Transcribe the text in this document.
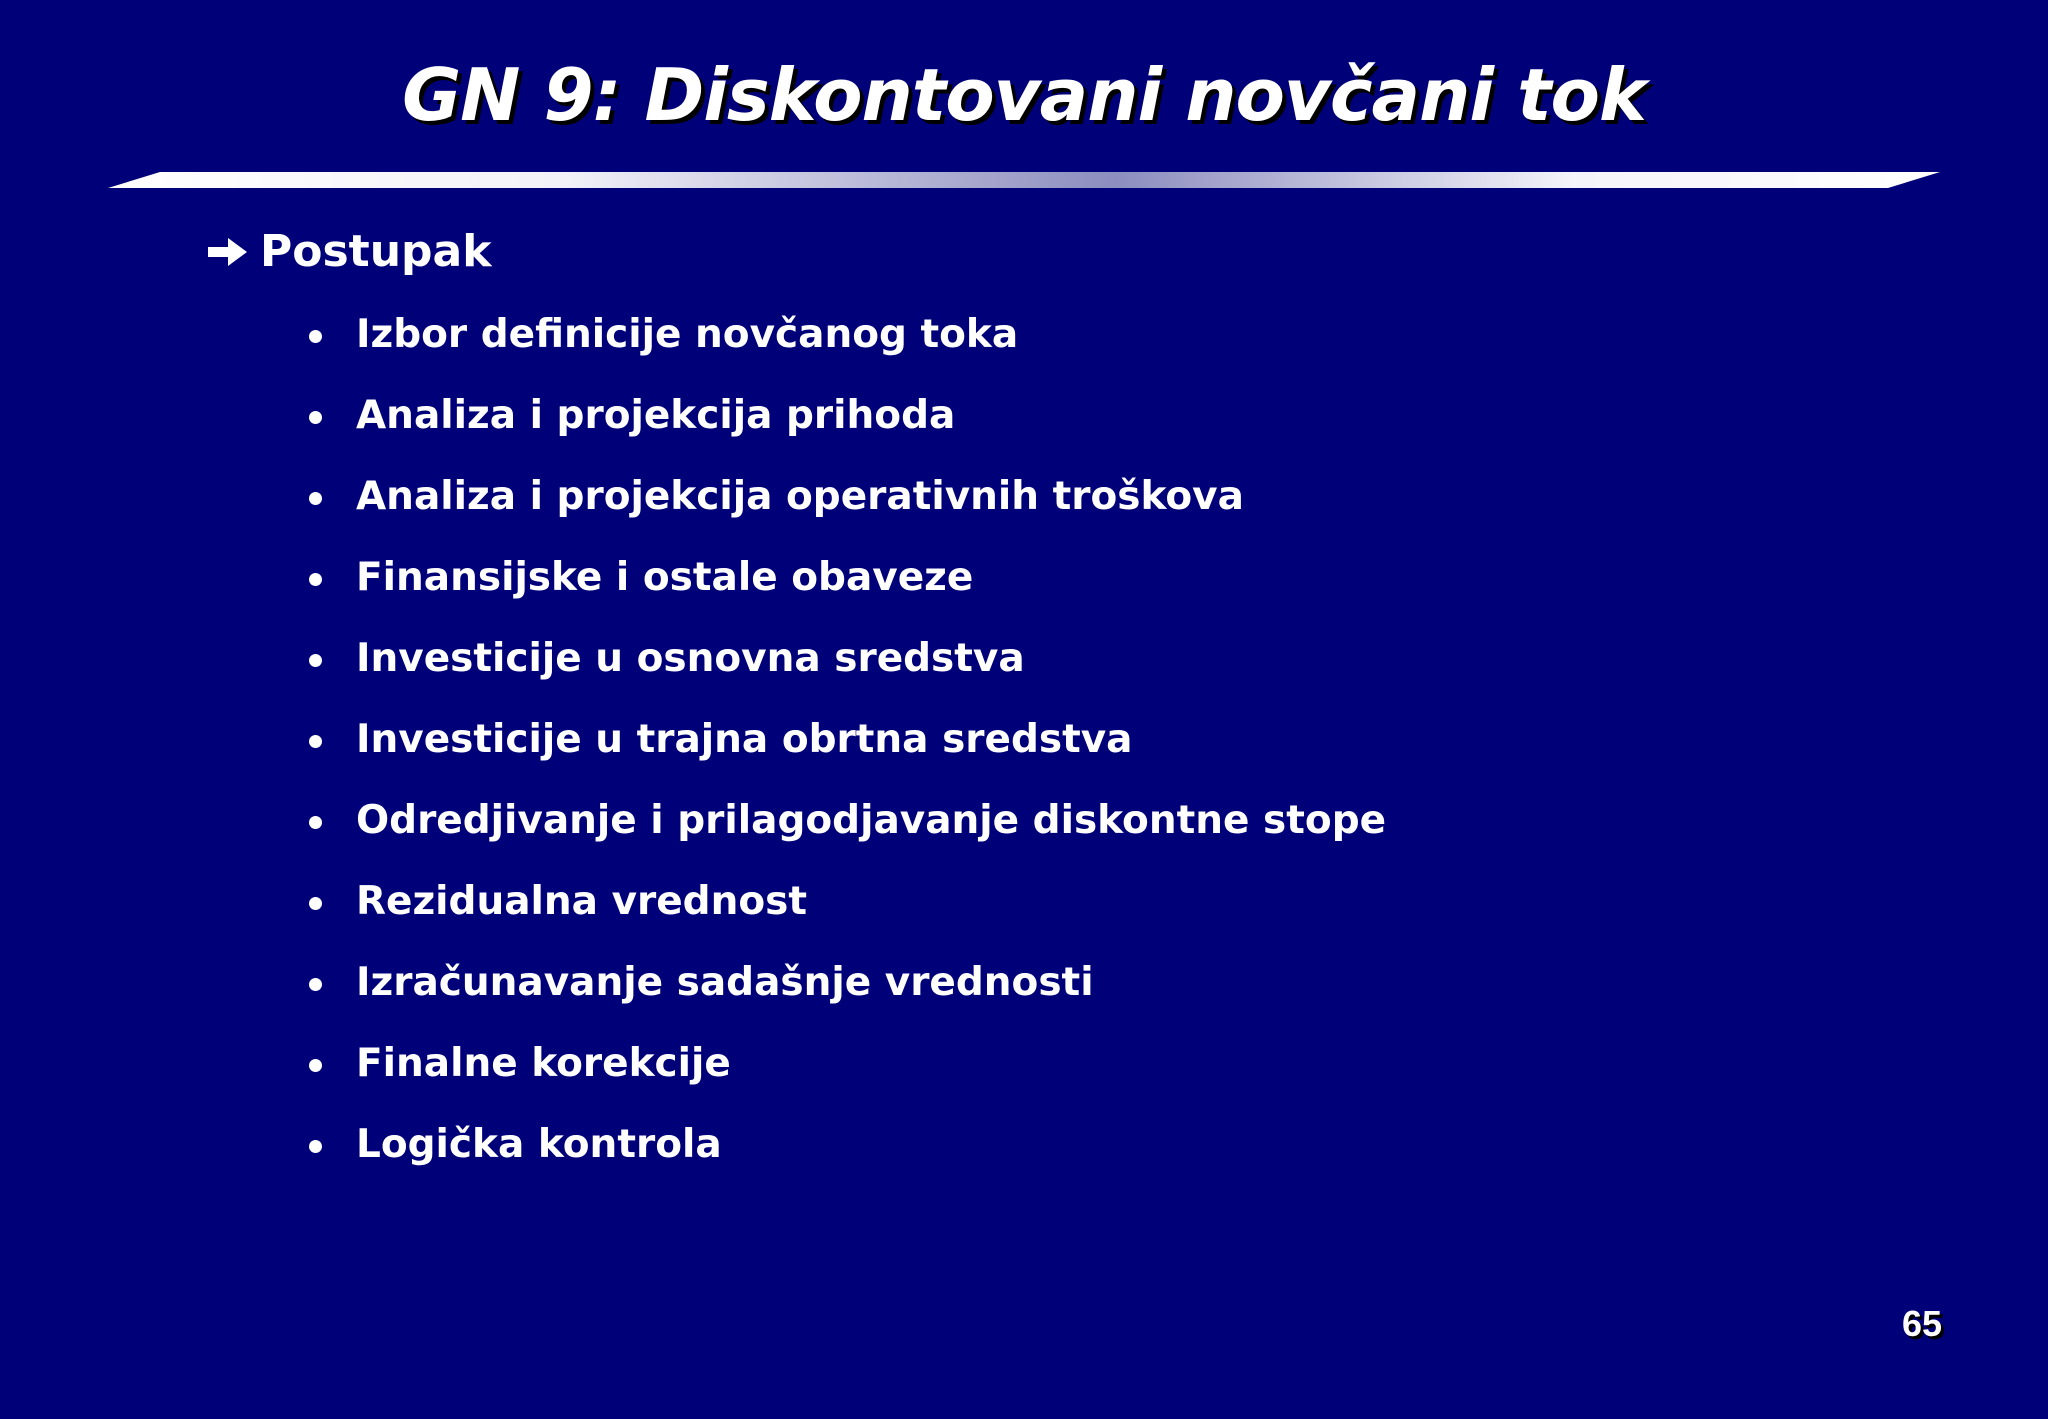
GN 9: Diskontovani novčani tok
Postupak
Izbor definicije novčanog toka
Analiza i projekcija prihoda
Analiza i projekcija operativnih troškova
Finansijske i ostale obaveze
Investicije u osnovna sredstva
Investicije u trajna obrtna sredstva
Odredjivanje i prilagodjavanje diskontne stope
Rezidualna vrednost
Izračunavanje sadašnje vrednosti
Finalne korekcije
Logička kontrola
65
